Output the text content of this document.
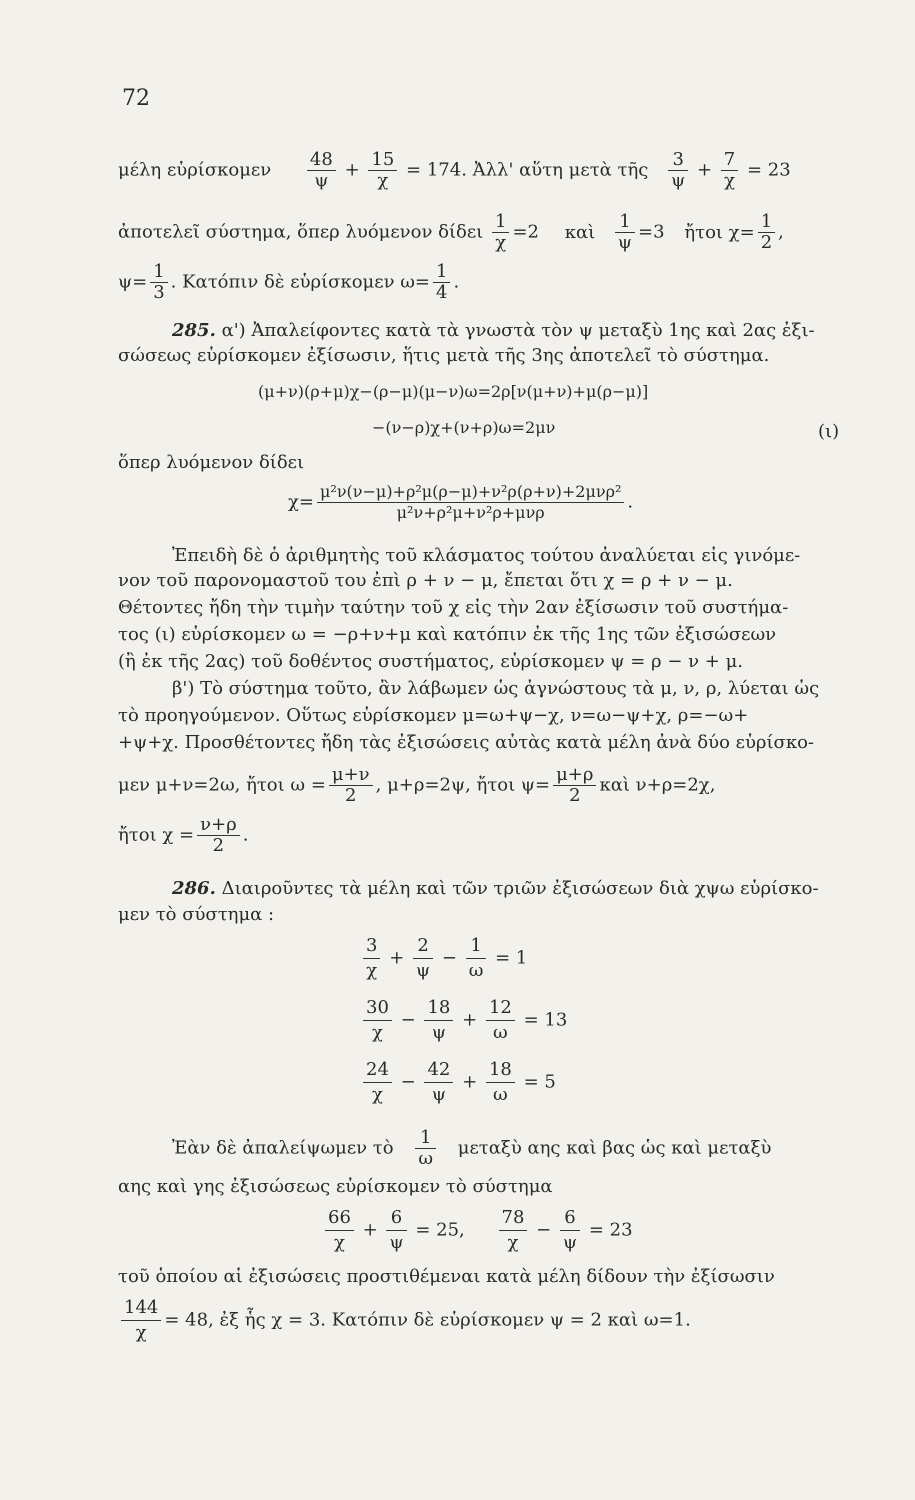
72
μέλη εὑρίσκομεν $\frac{48}{\psi} + \frac{15}{\chi} = 174$. Ἀλλ' αὕτη μετὰ τῆς $\frac{3}{\psi} + \frac{7}{\chi} = 23$
ἀποτελεῖ σύστημα, ὅπερ λυόμενον δίδει $\frac{1}{\chi} =2$ καὶ $\frac{1}{\psi} =3$ ἤτοι $\chi= \frac{1}{2}$ ,
$\psi= \frac{1}{3}$ . Κατόπιν δὲ εὑρίσκομεν $\omega= \frac{1}{4}$ .
285. α') Ἀπαλείφοντες κατὰ τὰ γνωστὰ τὸν ψ μεταξὺ 1ης καὶ 2ας ἐξι-
σώσεως εὑρίσκομεν ἐξίσωσιν, ἥτις μετὰ τῆς 3ης ἀποτελεῖ τὸ σύστημα.
(μ+ν)(ρ+μ)χ−(ρ−μ)(μ−ν)ω=2ρ[ν(μ+ν)+μ(ρ−μ)]
−(ν−ρ)χ+(ν+ρ)ω=2μν	(ι)
ὅπερ λυόμενον δίδει
$\chi= \frac{\text{μ²ν(ν−μ)+ρ²μ(ρ−μ)+ν²ρ(ρ+ν)+2μνρ²}}{\text{μ²ν+ρ²μ+ν²ρ+μνρ}}$ .
Ἐπειδὴ δὲ ὁ ἀριθμητὴς τοῦ κλάσματος τούτου ἀναλύεται εἰς γινόμε-
νον τοῦ παρονομαστοῦ του ἐπὶ ρ + ν − μ, ἔπεται ὅτι χ = ρ + ν − μ.
Θέτοντες ἤδη τὴν τιμὴν ταύτην τοῦ χ εἰς τὴν 2αν ἐξίσωσιν τοῦ συστήμα-
τος (ι) εὑρίσκομεν ω = −ρ+ν+μ καὶ κατόπιν ἐκ τῆς 1ης τῶν ἐξισώσεων
(ἢ ἐκ τῆς 2ας) τοῦ δοθέντος συστήματος, εὑρίσκομεν ψ = ρ − ν + μ.
β') Τὸ σύστημα τοῦτο, ἂν λάβωμεν ὡς ἀγνώστους τὰ μ, ν, ρ, λύεται ὡς
τὸ προηγούμενον. Οὕτως εὑρίσκομεν μ=ω+ψ−χ, ν=ω−ψ+χ, ρ=−ω+
+ψ+χ. Προσθέτοντες ἤδη τὰς ἐξισώσεις αὐτὰς κατὰ μέλη ἀνὰ δύο εὑρίσκο-
μεν μ+ν=2ω, ἤτοι $\omega = \frac{\mu+\nu}{2}$ , μ+ρ=2ψ, ἤτοι $\psi= \frac{\mu+\rho}{2}$ καὶ ν+ρ=2χ,
ἤτοι $\chi = \frac{\nu+\rho}{2}$ .
286. Διαιροῦντες τὰ μέλη καὶ τῶν τριῶν ἐξισώσεων διὰ χψω εὑρίσκο-
μεν τὸ σύστημα :
$\frac{3}{\chi} + \frac{2}{\psi} - \frac{1}{\omega} = 1$
$\frac{30}{\chi} - \frac{18}{\psi} + \frac{12}{\omega} = 13$
$\frac{24}{\chi} - \frac{42}{\psi} + \frac{18}{\omega} = 5$
Ἐὰν δὲ ἀπαλείψωμεν τὸ $\frac{1}{\omega}$ μεταξὺ αης καὶ βας ὡς καὶ μεταξὺ
αης καὶ γης ἐξισώσεως εὑρίσκομεν τὸ σύστημα
$\frac{66}{\chi} + \frac{6}{\psi} = 25$, $\frac{78}{\chi} - \frac{6}{\psi} = 23$
τοῦ ὁποίου αἱ ἐξισώσεις προστιθέμεναι κατὰ μέλη δίδουν τὴν ἐξίσωσιν
$\frac{144}{\chi} = 48$, ἐξ ἧς χ = 3. Κατόπιν δὲ εὑρίσκομεν ψ = 2 καὶ ω=1.
